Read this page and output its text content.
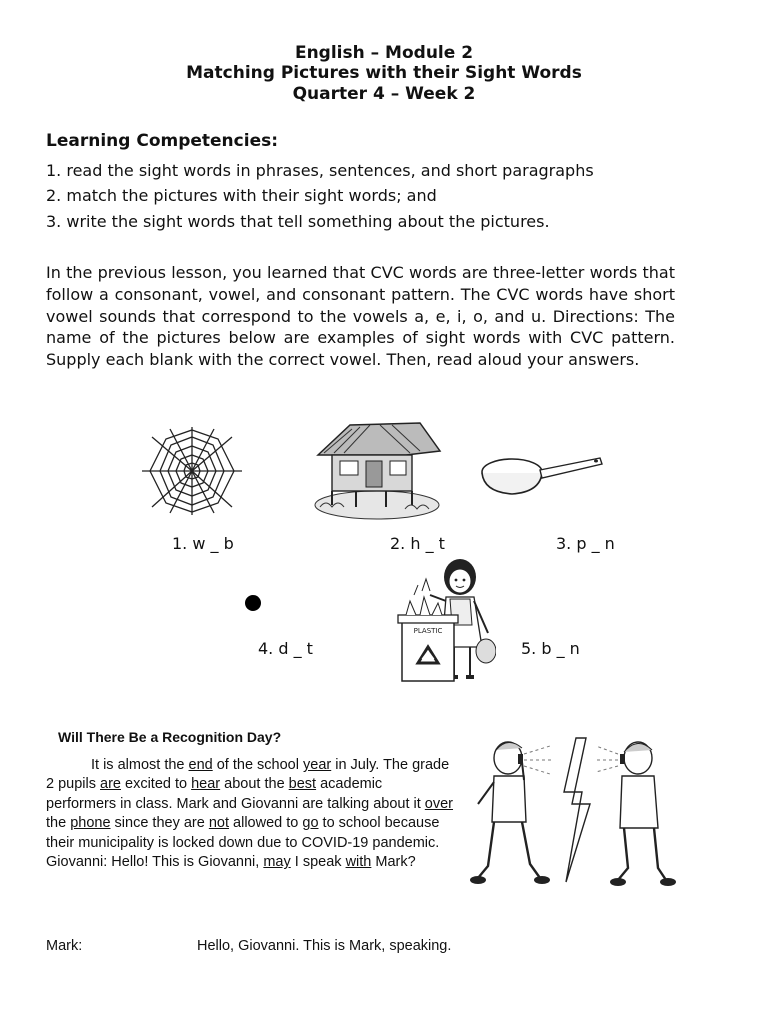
English – Module 2
Matching Pictures with their Sight Words
Quarter 4 – Week 2
Learning Competencies:
1. read the sight words in phrases, sentences, and short paragraphs
2. match the pictures with their sight words; and
3. write the sight words that tell something about the pictures.
In the previous lesson, you learned that CVC words are three-letter words that follow a consonant, vowel, and consonant pattern. The CVC words have short vowel sounds that correspond to the vowels a, e, i, o, and u. Directions: The name of the pictures below are examples of sight words with CVC pattern. Supply each blank with the correct vowel. Then, read aloud your answers.
1. w _ b	2. h _ t	3. p _ n
4. d _ t
PLASTIC
5. b _ n
Will There Be a Recognition Day?
It is almost the end of the school year in July. The grade 2 pupils are excited to hear about the best academic performers in class. Mark and Giovanni are talking about it over the phone since they are not allowed to go to school because their municipality is locked down due to COVID-19 pandemic.
Giovanni: Hello! This is Giovanni, may I speak with Mark?
Mark:	Hello, Giovanni. This is Mark, speaking.
